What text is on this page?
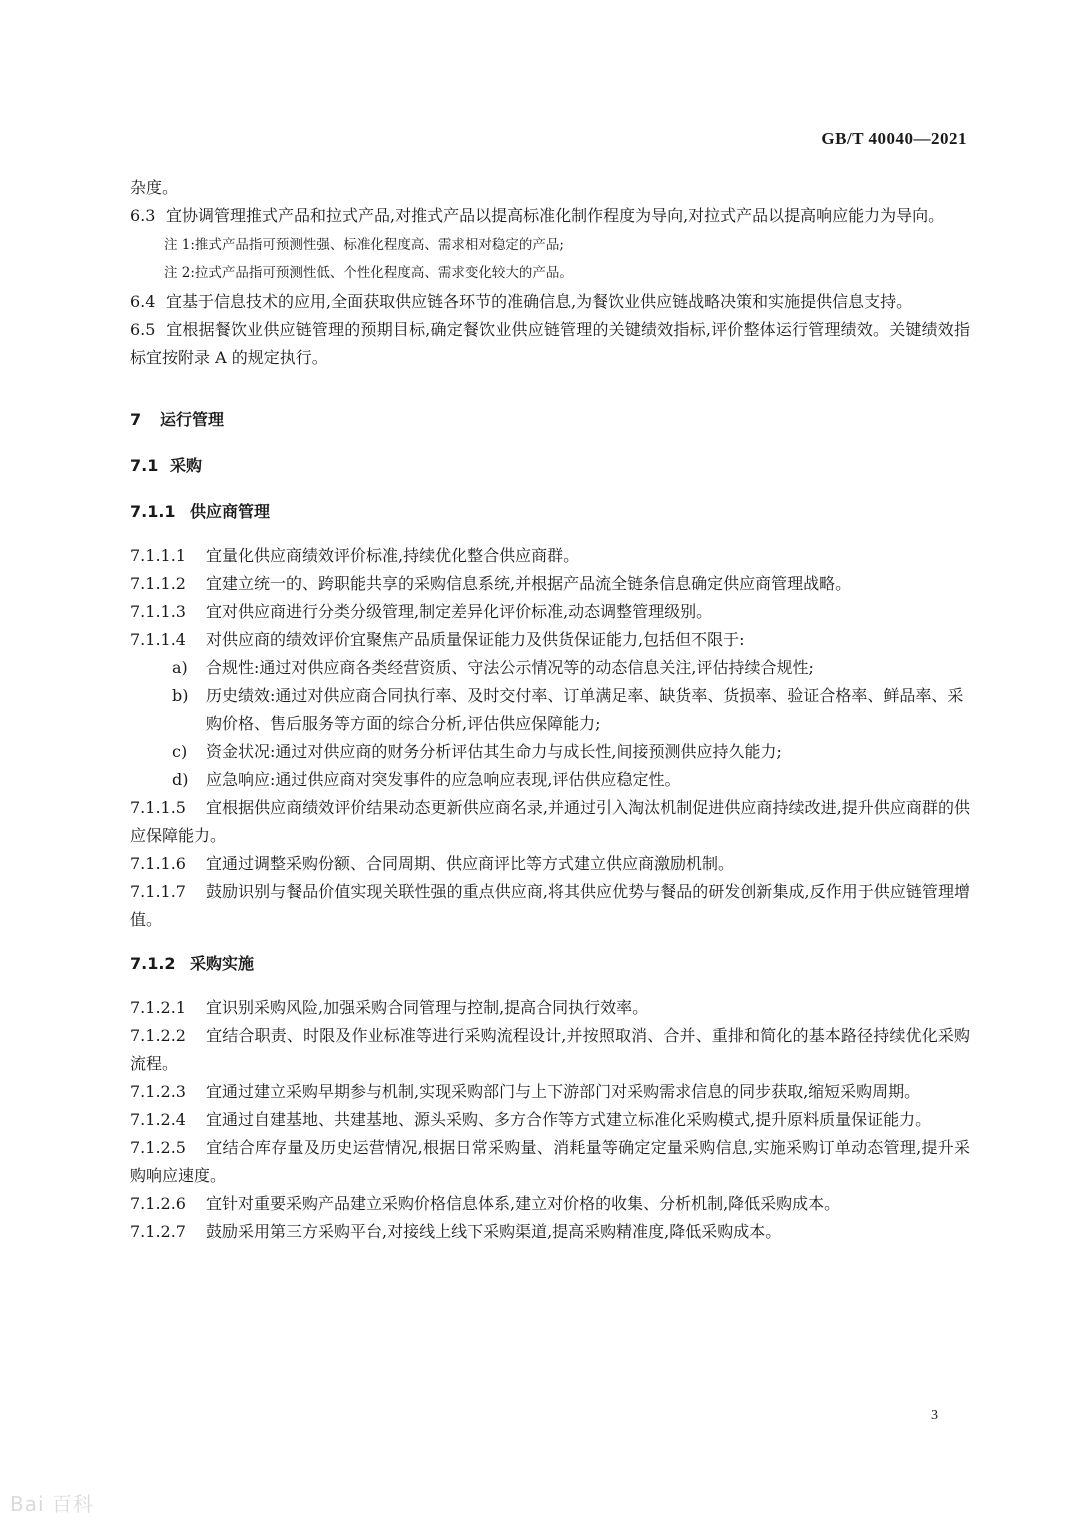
GB/T 40040—2021

杂度。

6.3 宜协调管理推式产品和拉式产品,对推式产品以提高标准化制作程度为导向,对拉式产品以提高响应能力为导向。

注 1:推式产品指可预测性强、标准化程度高、需求相对稳定的产品;

注 2:拉式产品指可预测性低、个性化程度高、需求变化较大的产品。

6.4 宜基于信息技术的应用,全面获取供应链各环节的准确信息,为餐饮业供应链战略决策和实施提供信息支持。

6.5 宜根据餐饮业供应链管理的预期目标,确定餐饮业供应链管理的关键绩效指标,评价整体运行管理绩效。关键绩效指标宜按附录 A 的规定执行。

7 运行管理

7.1 采购

7.1.1 供应商管理

7.1.1.1 宜量化供应商绩效评价标准,持续优化整合供应商群。

7.1.1.2 宜建立统一的、跨职能共享的采购信息系统,并根据产品流全链条信息确定供应商管理战略。

7.1.1.3 宜对供应商进行分类分级管理,制定差异化评价标准,动态调整管理级别。

7.1.1.4 对供应商的绩效评价宜聚焦产品质量保证能力及供货保证能力,包括但不限于:

a) 合规性:通过对供应商各类经营资质、守法公示情况等的动态信息关注,评估持续合规性;

b) 历史绩效:通过对供应商合同执行率、及时交付率、订单满足率、缺货率、货损率、验证合格率、鲜品率、采购价格、售后服务等方面的综合分析,评估供应保障能力;

c) 资金状况:通过对供应商的财务分析评估其生命力与成长性,间接预测供应持久能力;

d) 应急响应:通过供应商对突发事件的应急响应表现,评估供应稳定性。

7.1.1.5 宜根据供应商绩效评价结果动态更新供应商名录,并通过引入淘汰机制促进供应商持续改进,提升供应商群的供应保障能力。

7.1.1.6 宜通过调整采购份额、合同周期、供应商评比等方式建立供应商激励机制。

7.1.1.7 鼓励识别与餐品价值实现关联性强的重点供应商,将其供应优势与餐品的研发创新集成,反作用于供应链管理增值。

7.1.2 采购实施

7.1.2.1 宜识别采购风险,加强采购合同管理与控制,提高合同执行效率。

7.1.2.2 宜结合职责、时限及作业标准等进行采购流程设计,并按照取消、合并、重排和简化的基本路径持续优化采购流程。

7.1.2.3 宜通过建立采购早期参与机制,实现采购部门与上下游部门对采购需求信息的同步获取,缩短采购周期。

7.1.2.4 宜通过自建基地、共建基地、源头采购、多方合作等方式建立标准化采购模式,提升原料质量保证能力。

7.1.2.5 宜结合库存量及历史运营情况,根据日常采购量、消耗量等确定定量采购信息,实施采购订单动态管理,提升采购响应速度。

7.1.2.6 宜针对重要采购产品建立采购价格信息体系,建立对价格的收集、分析机制,降低采购成本。

7.1.2.7 鼓励采用第三方采购平台,对接线上线下采购渠道,提高采购精准度,降低采购成本。

3
Bai 百科
